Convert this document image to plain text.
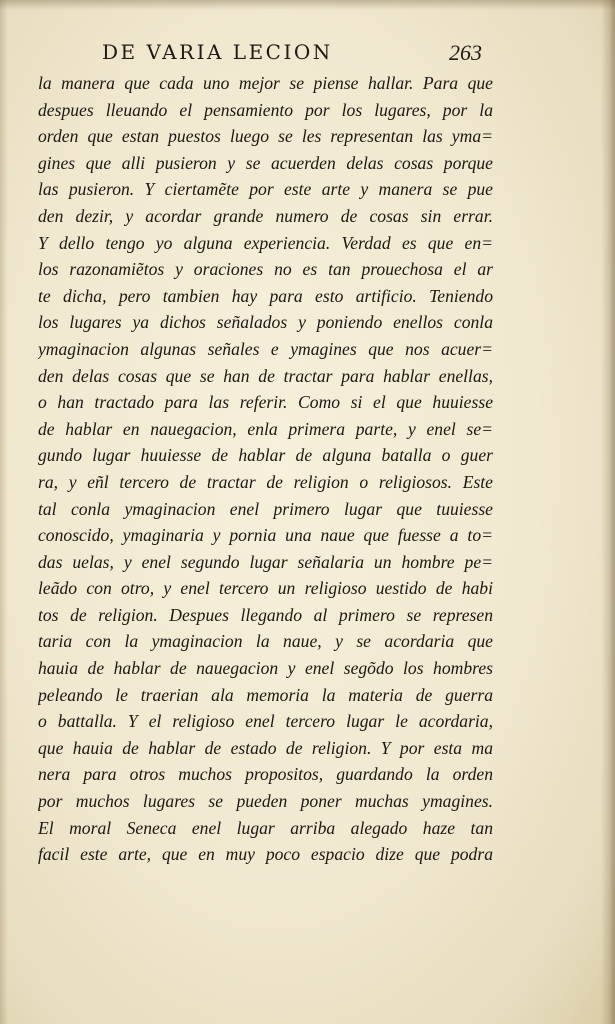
DE VARIA LECION	263
la manera que cada uno mejor se piense hallar. Para que
despues lleuando el pensamiento por los lugares, por la
orden que estan puestos luego se les representan las yma=
gines que alli pusieron y se acuerden delas cosas porque
las pusieron. Y ciertamẽte por este arte y manera se pue
den dezir, y acordar grande numero de cosas sin errar.
Y dello tengo yo alguna experiencia. Verdad es que en=
los razonamiẽtos y oraciones no es tan prouechosa el ar
te dicha, pero tambien hay para esto artificio. Teniendo
los lugares ya dichos señalados y poniendo enellos conla
ymaginacion algunas señales e ymagines que nos acuer=
den delas cosas que se han de tractar para hablar enellas,
o han tractado para las referir. Como si el que huuiesse
de hablar en nauegacion, enla primera parte, y enel se=
gundo lugar huuiesse de hablar de alguna batalla o guer
ra, y eñl tercero de tractar de religion o religiosos. Este
tal conla ymaginacion enel primero lugar que tuuiesse
conoscido, ymaginaria y pornia una naue que fuesse a to=
das uelas, y enel segundo lugar señalaria un hombre pe=
leãdo con otro, y enel tercero un religioso uestido de habi
tos de religion. Despues llegando al primero se represen
taria con la ymaginacion la naue, y se acordaria que
hauia de hablar de nauegacion y enel segõdo los hombres
peleando le traerian ala memoria la materia de guerra
o battalla. Y el religioso enel tercero lugar le acordaria,
que hauia de hablar de estado de religion. Y por esta ma
nera para otros muchos propositos, guardando la orden
por muchos lugares se pueden poner muchas ymagines.
El moral Seneca enel lugar arriba alegado haze tan
facil este arte, que en muy poco espacio dize que podra
